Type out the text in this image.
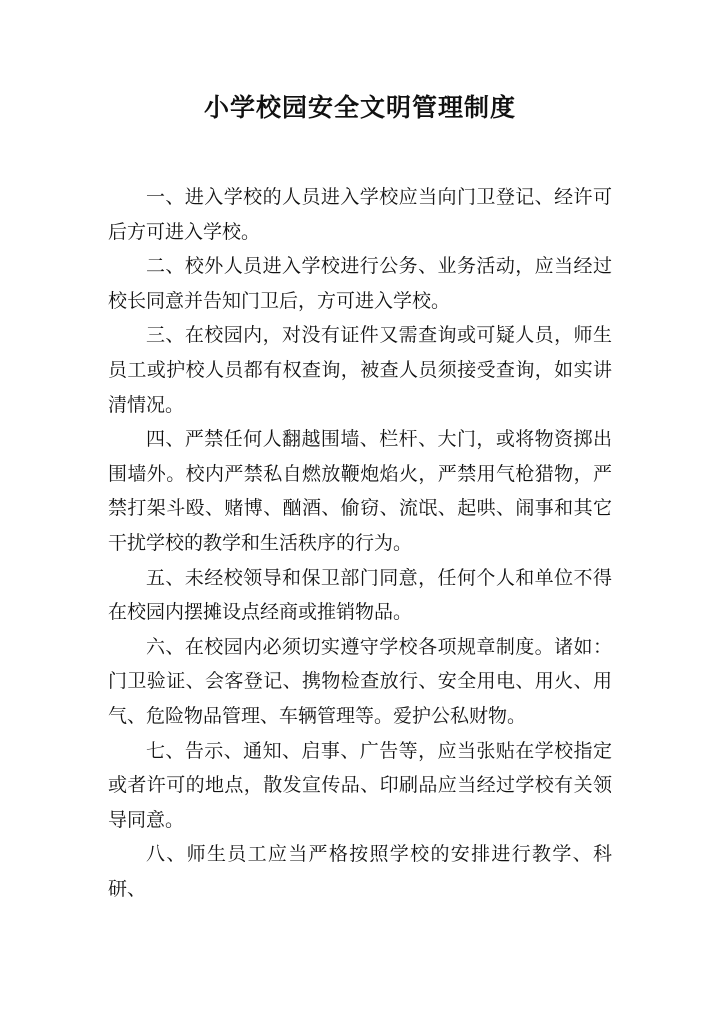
小学校园安全文明管理制度

一、进入学校的人员进入学校应当向门卫登记、经许可后方可进入学校。

二、校外人员进入学校进行公务、业务活动，应当经过校长同意并告知门卫后，方可进入学校。

三、在校园内，对没有证件又需查询或可疑人员，师生员工或护校人员都有权查询，被查人员须接受查询，如实讲清情况。

四、严禁任何人翻越围墙、栏杆、大门，或将物资掷出围墙外。校内严禁私自燃放鞭炮焰火，严禁用气枪猎物，严禁打架斗殴、赌博、酗酒、偷窃、流氓、起哄、闹事和其它干扰学校的教学和生活秩序的行为。

五、未经校领导和保卫部门同意，任何个人和单位不得在校园内摆摊设点经商或推销物品。

六、在校园内必须切实遵守学校各项规章制度。诸如：门卫验证、会客登记、携物检查放行、安全用电、用火、用气、危险物品管理、车辆管理等。爱护公私财物。

七、告示、通知、启事、广告等，应当张贴在学校指定或者许可的地点，散发宣传品、印刷品应当经过学校有关领导同意。

八、师生员工应当严格按照学校的安排进行教学、科研、
